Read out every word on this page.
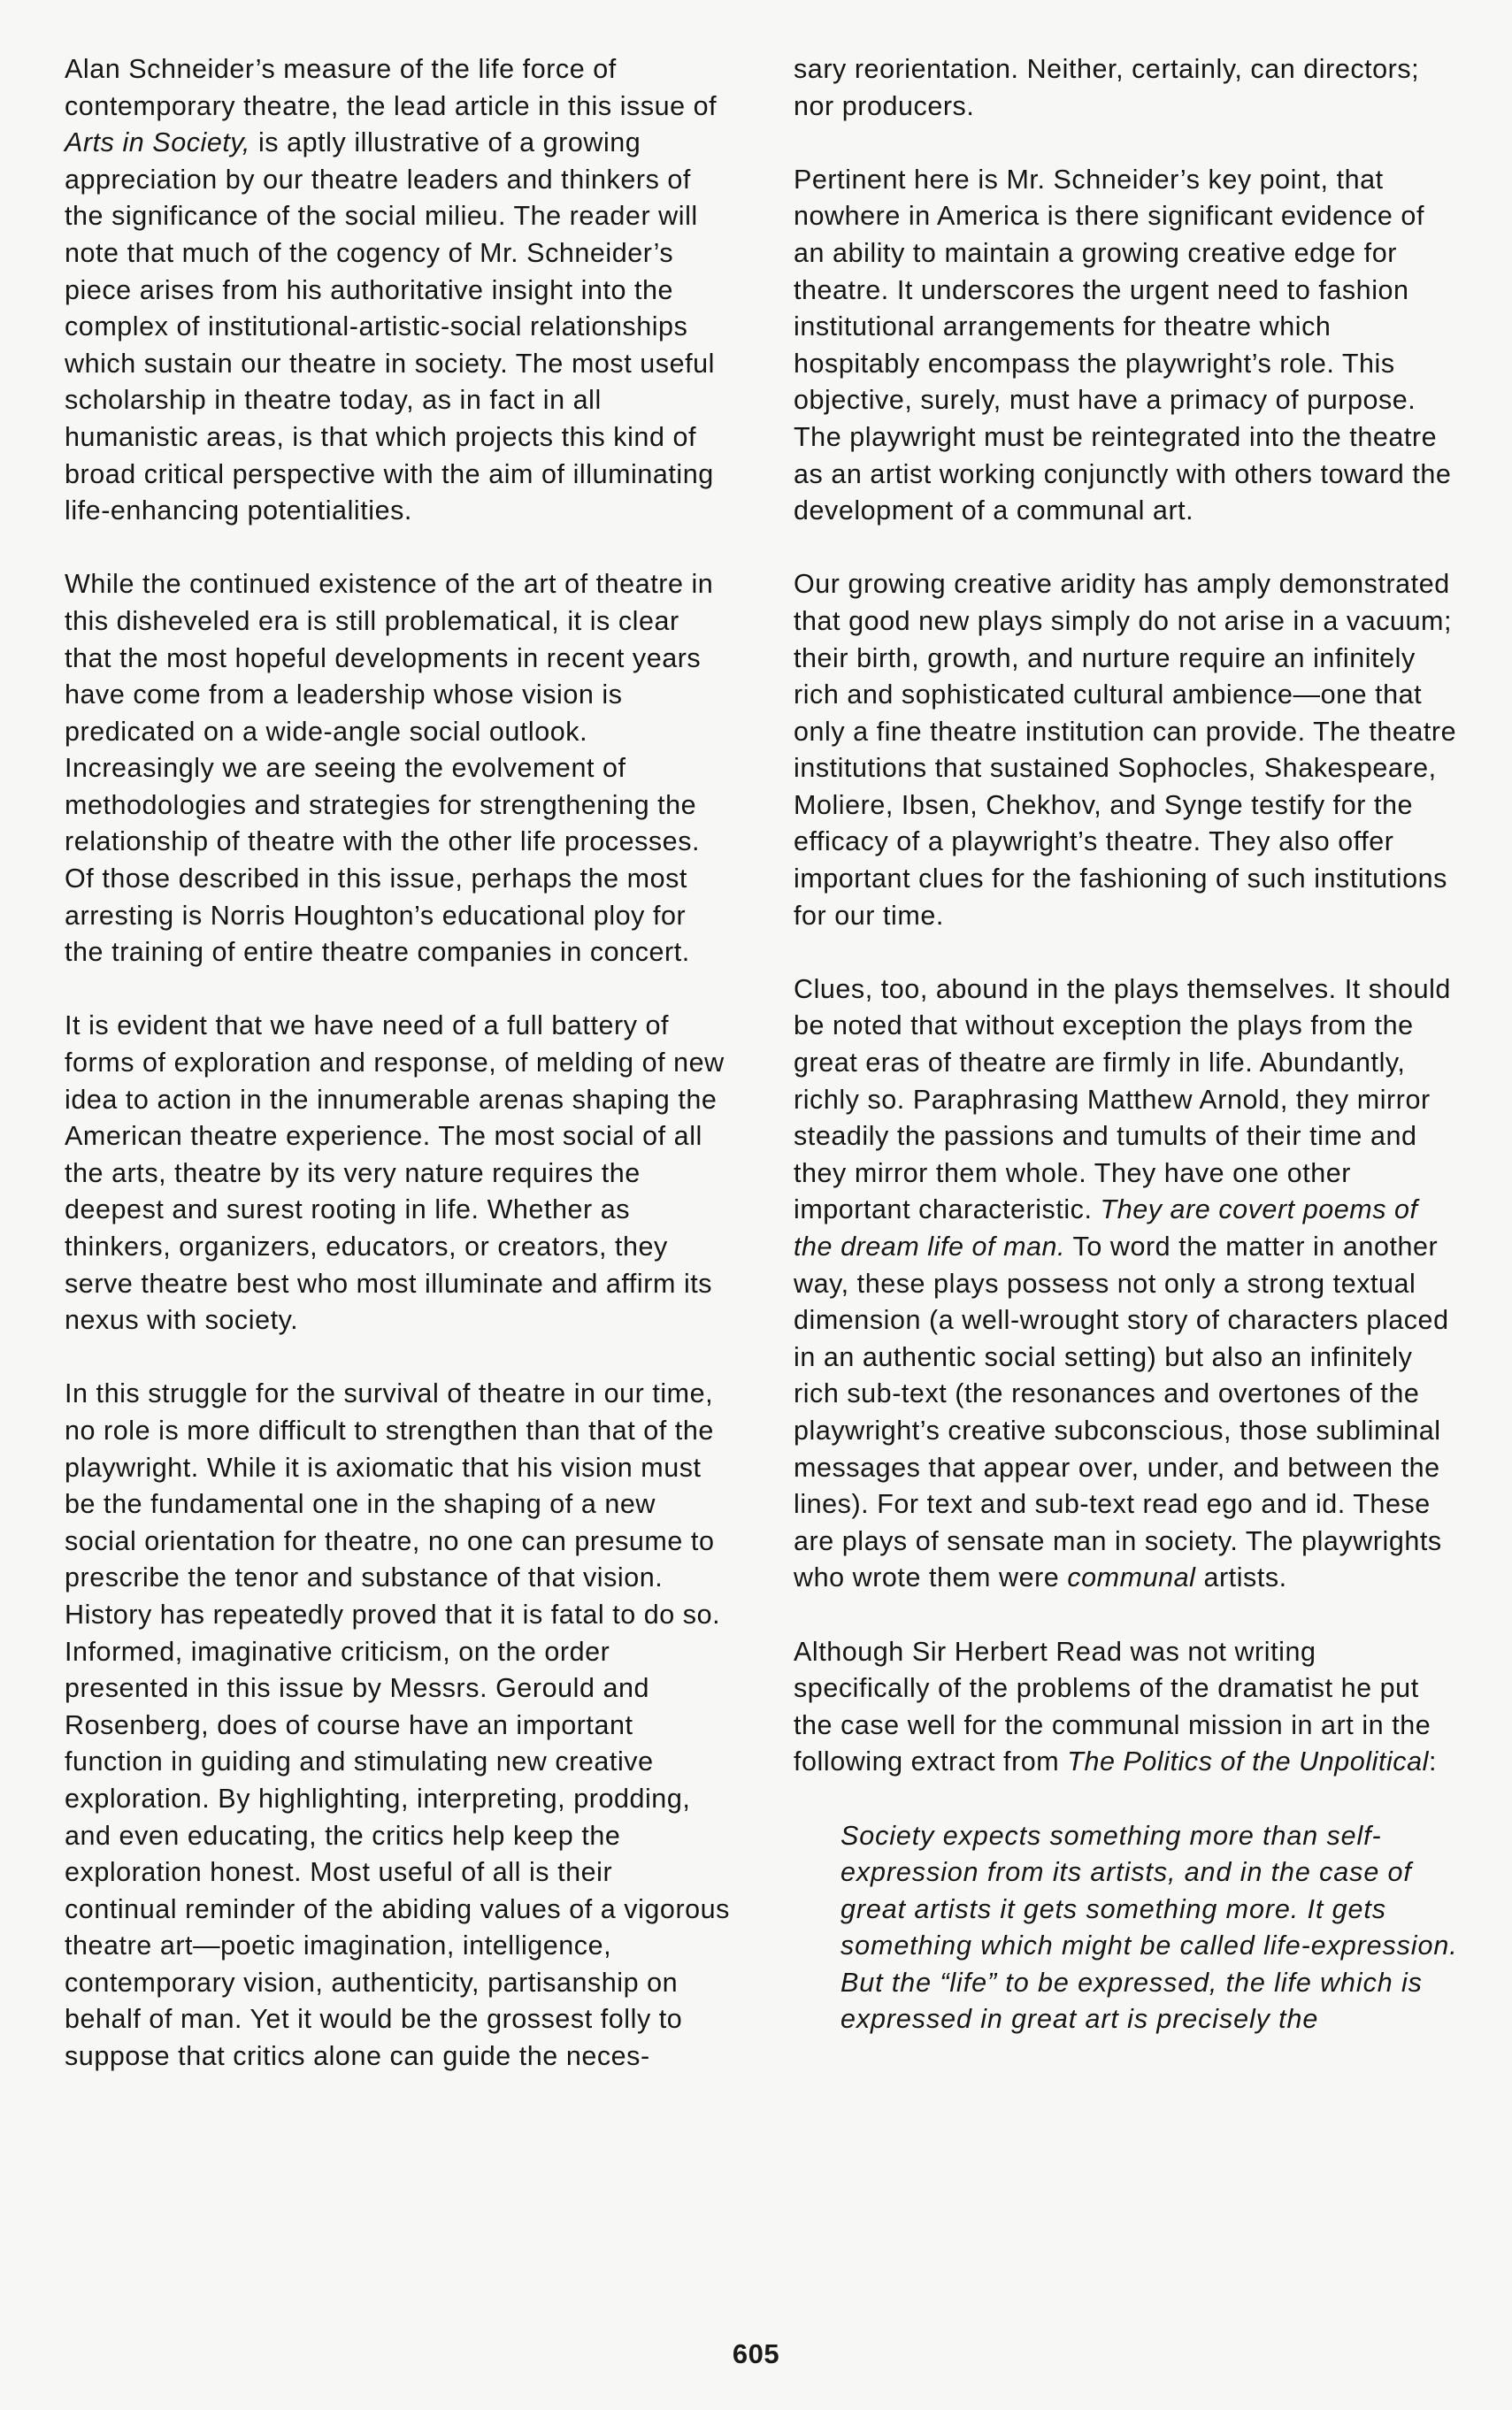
Alan Schneider’s measure of the life force of contemporary theatre, the lead article in this issue of Arts in Society, is aptly illustrative of a growing appreciation by our theatre leaders and thinkers of the significance of the social milieu. The reader will note that much of the cogency of Mr. Schneider’s piece arises from his authoritative insight into the complex of institutional-artistic-social relationships which sustain our theatre in society. The most useful scholarship in theatre today, as in fact in all humanistic areas, is that which projects this kind of broad critical perspective with the aim of illuminating life-enhancing potentialities.

While the continued existence of the art of theatre in this disheveled era is still problematical, it is clear that the most hopeful developments in recent years have come from a leadership whose vision is predicated on a wide-angle social outlook. Increasingly we are seeing the evolvement of methodologies and strategies for strengthening the relationship of theatre with the other life processes. Of those described in this issue, perhaps the most arresting is Norris Houghton’s educational ploy for the training of entire theatre companies in concert.

It is evident that we have need of a full battery of forms of exploration and response, of melding of new idea to action in the innumerable arenas shaping the American theatre experience. The most social of all the arts, theatre by its very nature requires the deepest and surest rooting in life. Whether as thinkers, organizers, educators, or creators, they serve theatre best who most illuminate and affirm its nexus with society.

In this struggle for the survival of theatre in our time, no role is more difficult to strengthen than that of the playwright. While it is axiomatic that his vision must be the fundamental one in the shaping of a new social orientation for theatre, no one can presume to prescribe the tenor and substance of that vision. History has repeatedly proved that it is fatal to do so. Informed, imaginative criticism, on the order presented in this issue by Messrs. Gerould and Rosenberg, does of course have an important function in guiding and stimulating new creative exploration. By highlighting, interpreting, prodding, and even educating, the critics help keep the exploration honest. Most useful of all is their continual reminder of the abiding values of a vigorous theatre art—poetic imagination, intelligence, contemporary vision, authenticity, partisanship on behalf of man. Yet it would be the grossest folly to suppose that critics alone can guide the neces-

sary reorientation. Neither, certainly, can directors; nor producers.

Pertinent here is Mr. Schneider’s key point, that nowhere in America is there significant evidence of an ability to maintain a growing creative edge for theatre. It underscores the urgent need to fashion institutional arrangements for theatre which hospitably encompass the playwright’s role. This objective, surely, must have a primacy of purpose. The playwright must be reintegrated into the theatre as an artist working conjunctly with others toward the development of a communal art.

Our growing creative aridity has amply demonstrated that good new plays simply do not arise in a vacuum; their birth, growth, and nurture require an infinitely rich and sophisticated cultural ambience—one that only a fine theatre institution can provide. The theatre institutions that sustained Sophocles, Shakespeare, Moliere, Ibsen, Chekhov, and Synge testify for the efficacy of a playwright’s theatre. They also offer important clues for the fashioning of such institutions for our time.

Clues, too, abound in the plays themselves. It should be noted that without exception the plays from the great eras of theatre are firmly in life. Abundantly, richly so. Paraphrasing Matthew Arnold, they mirror steadily the passions and tumults of their time and they mirror them whole. They have one other important characteristic. They are covert poems of the dream life of man. To word the matter in another way, these plays possess not only a strong textual dimension (a well-wrought story of characters placed in an authentic social setting) but also an infinitely rich sub-text (the resonances and overtones of the playwright’s creative subconscious, those subliminal messages that appear over, under, and between the lines). For text and sub-text read ego and id. These are plays of sensate man in society. The playwrights who wrote them were communal artists.

Although Sir Herbert Read was not writing specifically of the problems of the dramatist he put the case well for the communal mission in art in the following extract from The Politics of the Unpolitical:

Society expects something more than self-expression from its artists, and in the case of great artists it gets something more. It gets something which might be called life-expression. But the “life” to be expressed, the life which is expressed in great art is precisely the

605
